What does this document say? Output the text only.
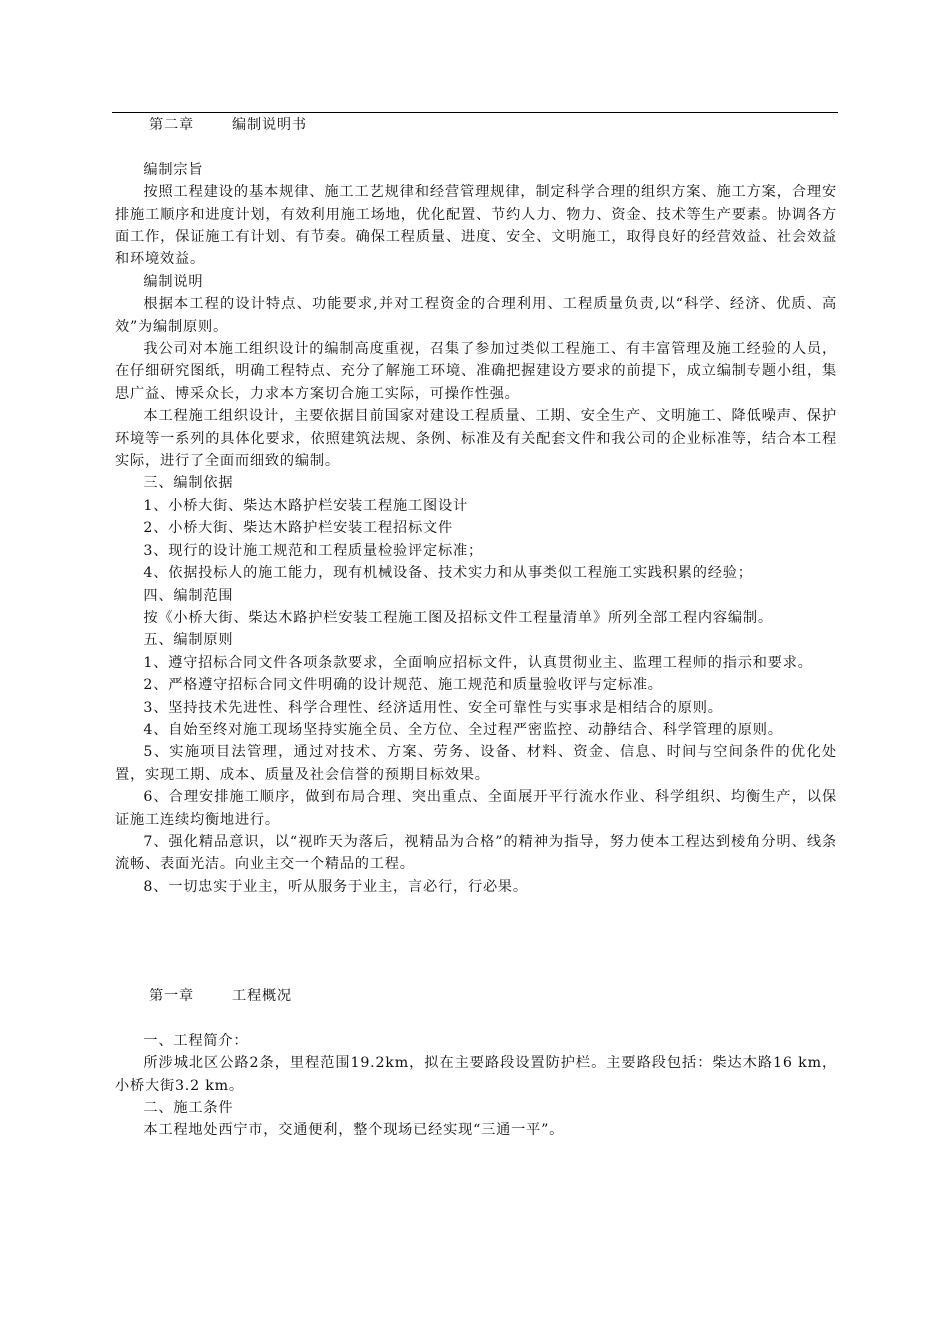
第二章	编制说明书

编制宗旨

按照工程建设的基本规律、施工工艺规律和经营管理规律，制定科学合理的组织方案、施工方案，合理安排施工顺序和进度计划，有效利用施工场地，优化配置、节约人力、物力、资金、技术等生产要素。协调各方面工作，保证施工有计划、有节奏。确保工程质量、进度、安全、文明施工，取得良好的经营效益、社会效益和环境效益。

编制说明

根据本工程的设计特点、功能要求,并对工程资金的合理利用、工程质量负责,以“科学、经济、优质、高效”为编制原则。

我公司对本施工组织设计的编制高度重视，召集了参加过类似工程施工、有丰富管理及施工经验的人员，在仔细研究图纸，明确工程特点、充分了解施工环境、准确把握建设方要求的前提下，成立编制专题小组，集思广益、博采众长，力求本方案切合施工实际，可操作性强。

本工程施工组织设计，主要依据目前国家对建设工程质量、工期、安全生产、文明施工、降低噪声、保护环境等一系列的具体化要求，依照建筑法规、条例、标准及有关配套文件和我公司的企业标准等，结合本工程实际，进行了全面而细致的编制。

三、编制依据

1、小桥大街、柴达木路护栏安装工程施工图设计

2、小桥大街、柴达木路护栏安装工程招标文件

3、现行的设计施工规范和工程质量检验评定标准；

4、依据投标人的施工能力，现有机械设备、技术实力和从事类似工程施工实践积累的经验；

四、编制范围

按《小桥大街、柴达木路护栏安装工程施工图及招标文件工程量清单》所列全部工程内容编制。

五、编制原则

1、遵守招标合同文件各项条款要求，全面响应招标文件，认真贯彻业主、监理工程师的指示和要求。

2、严格遵守招标合同文件明确的设计规范、施工规范和质量验收评与定标准。

3、坚持技术先进性、科学合理性、经济适用性、安全可靠性与实事求是相结合的原则。

4、自始至终对施工现场坚持实施全员、全方位、全过程严密监控、动静结合、科学管理的原则。

5、实施项目法管理，通过对技术、方案、劳务、设备、材料、资金、信息、时间与空间条件的优化处置，实现工期、成本、质量及社会信誉的预期目标效果。

6、合理安排施工顺序，做到布局合理、突出重点、全面展开平行流水作业、科学组织、均衡生产，以保证施工连续均衡地进行。

7、强化精品意识，以“视昨天为落后，视精品为合格”的精神为指导，努力使本工程达到棱角分明、线条流畅、表面光洁。向业主交一个精品的工程。

8、一切忠实于业主，听从服务于业主，言必行，行必果。

第一章	工程概况

一、工程简介：

所涉城北区公路2条，里程范围19.2km，拟在主要路段设置防护栏。主要路段包括：柴达木路16 km，小桥大街3.2 km。

二、施工条件

本工程地处西宁市，交通便利，整个现场已经实现“三通一平”。
